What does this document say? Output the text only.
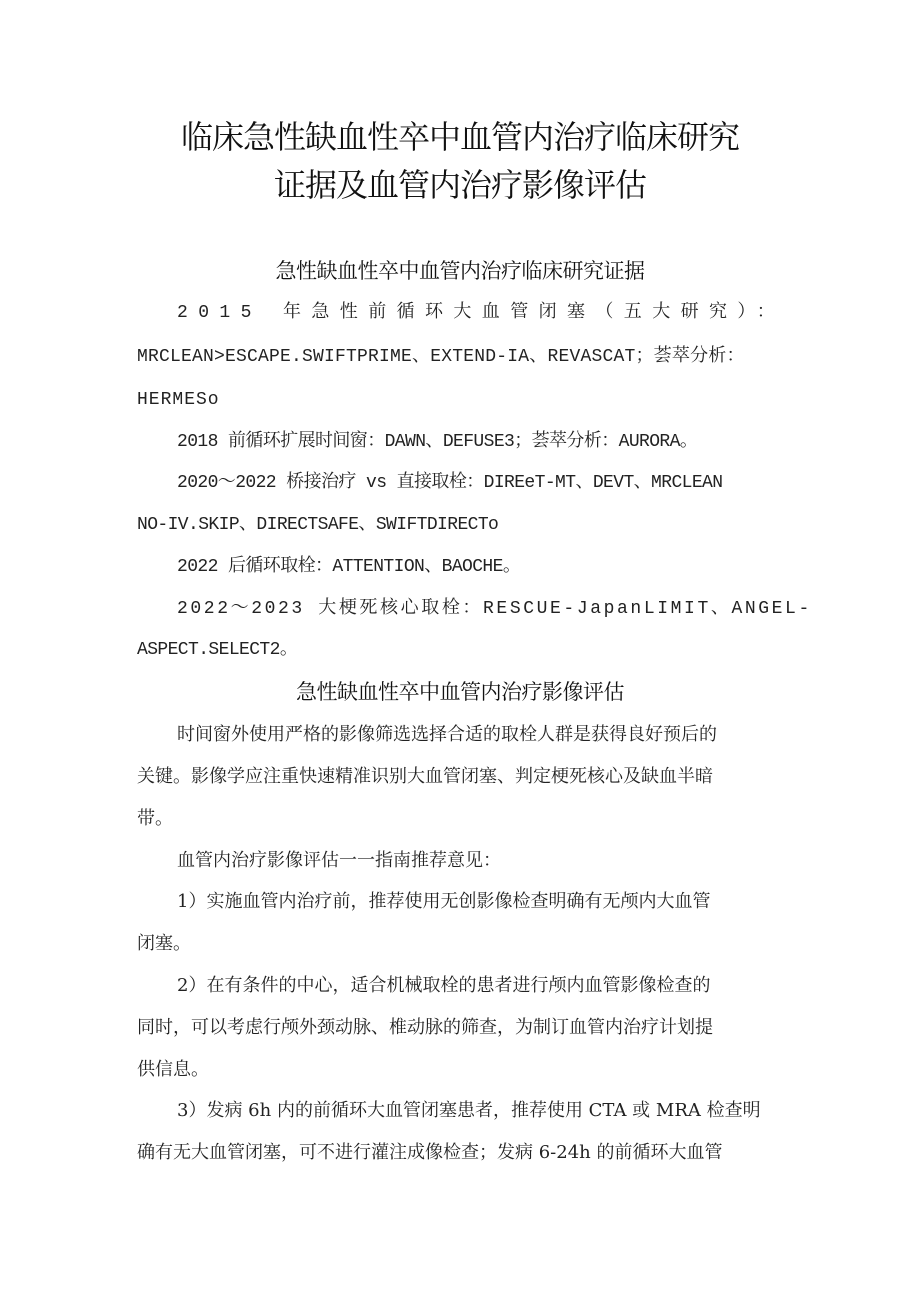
临床急性缺血性卒中血管内治疗临床研究
证据及血管内治疗影像评估
急性缺血性卒中血管内治疗临床研究证据
2015 年急性前循环大血管闭塞（五大研究）：
MRCLEAN>ESCAPE.SWIFTPRIME、EXTEND-IA、REVASCAT；荟萃分析：
HERMESo
2018 前循环扩展时间窗：DAWN、DEFUSE3；荟萃分析：AURORA。
2020～2022 桥接治疗 vs 直接取栓：DIREeT-MT、DEVT、MRCLEAN
NO-IV.SKIP、DIRECTSAFE、SWIFTDIRECTo
2022 后循环取栓：ATTENTION、BAOCHE。
2022～2023 大梗死核心取栓：RESCUE-JapanLIMIT、ANGEL-
ASPECT.SELECT2。
急性缺血性卒中血管内治疗影像评估
时间窗外使用严格的影像筛选选择合适的取栓人群是获得良好预后的
关键。影像学应注重快速精准识别大血管闭塞、判定梗死核心及缺血半暗
带。
血管内治疗影像评估一一指南推荐意见：
1）实施血管内治疗前，推荐使用无创影像检查明确有无颅内大血管
闭塞。
2）在有条件的中心，适合机械取栓的患者进行颅内血管影像检查的
同时，可以考虑行颅外颈动脉、椎动脉的筛查，为制订血管内治疗计划提
供信息。
3）发病 6h 内的前循环大血管闭塞患者，推荐使用 CTA 或 MRA 检查明
确有无大血管闭塞，可不进行灌注成像检查；发病 6-24h 的前循环大血管
